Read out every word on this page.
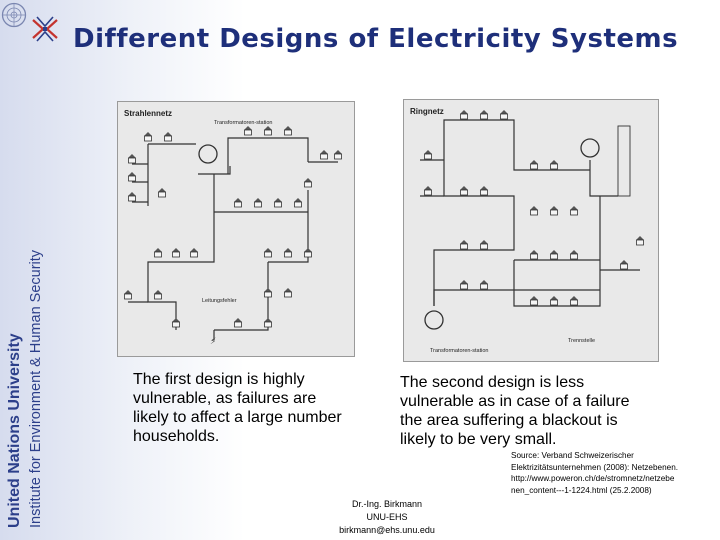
United Nations University Institute for Environment & Human Security
Different Designs of Electricity Systems
Strahlennetz
Transformatoren-station
Leitungsfehler
⚡
Ringnetz
Transformatoren-station
Trennstelle

The first design is highly vulnerable, as failures are likely to affect a large number households.

The second design is less vulnerable as in case of a failure the area suffering a blackout is likely to be very small.

Dr.-Ing. Birkmann
UNU-EHS
birkmann@ehs.unu.edu
Source: Verband Schweizerischer
Elektrizitätsunternehmen (2008): Netzebenen.
http://www.poweron.ch/de/stromnetz/netzebe
nen_content---1-1224.html (25.2.2008)
